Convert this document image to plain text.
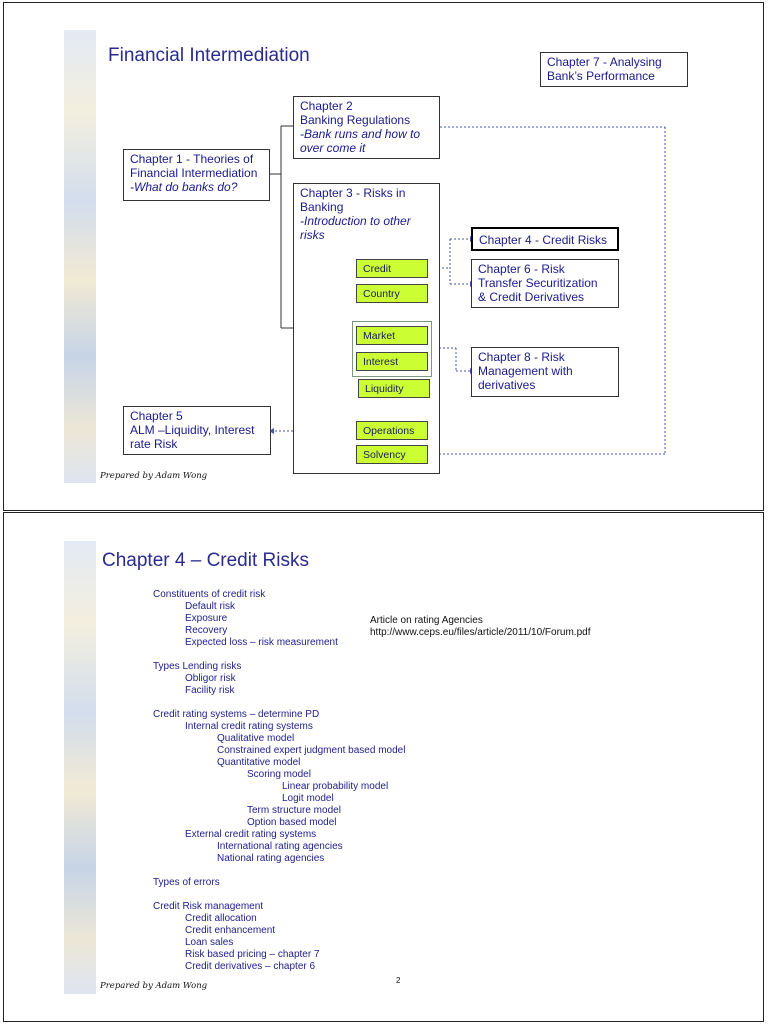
Financial Intermediation	Chapter 7 - Analysing
Bank’s Performance
Chapter 2
Banking Regulations
-Bank runs and how to
over come it
Chapter 1 - Theories of
Financial Intermediation
-What do banks do?	Chapter 3 - Risks in
Banking
-Introduction to other
risks
Credit
Country
Market
Interest
Liquidity
Operations
Solvency
Chapter 4 - Credit Risks
Chapter 6 - Risk
Transfer Securitization
& Credit Derivatives
Chapter 8 - Risk
Management with
derivatives
Chapter 5
ALM –Liquidity, Interest
rate Risk
Prepared by Adam Wong
Chapter 4 – Credit Risks
Article on rating Agencies
http://www.ceps.eu/files/article/2011/10/Forum.pdf
Constituents of credit risk
Default risk
Exposure
Recovery
Expected loss – risk measurement
Types Lending risks
Obligor risk
Facility risk
Credit rating systems – determine PD
Internal credit rating systems
Qualitative model
Constrained expert judgment based model
Quantitative model
Scoring model
Linear probability model
Logit model
Term structure model
Option based model
External credit rating systems
International rating agencies
National rating agencies
Types of errors
Credit Risk management
Credit allocation
Credit enhancement
Loan sales
Risk based pricing – chapter 7
Credit derivatives – chapter 6
2
Prepared by Adam Wong
